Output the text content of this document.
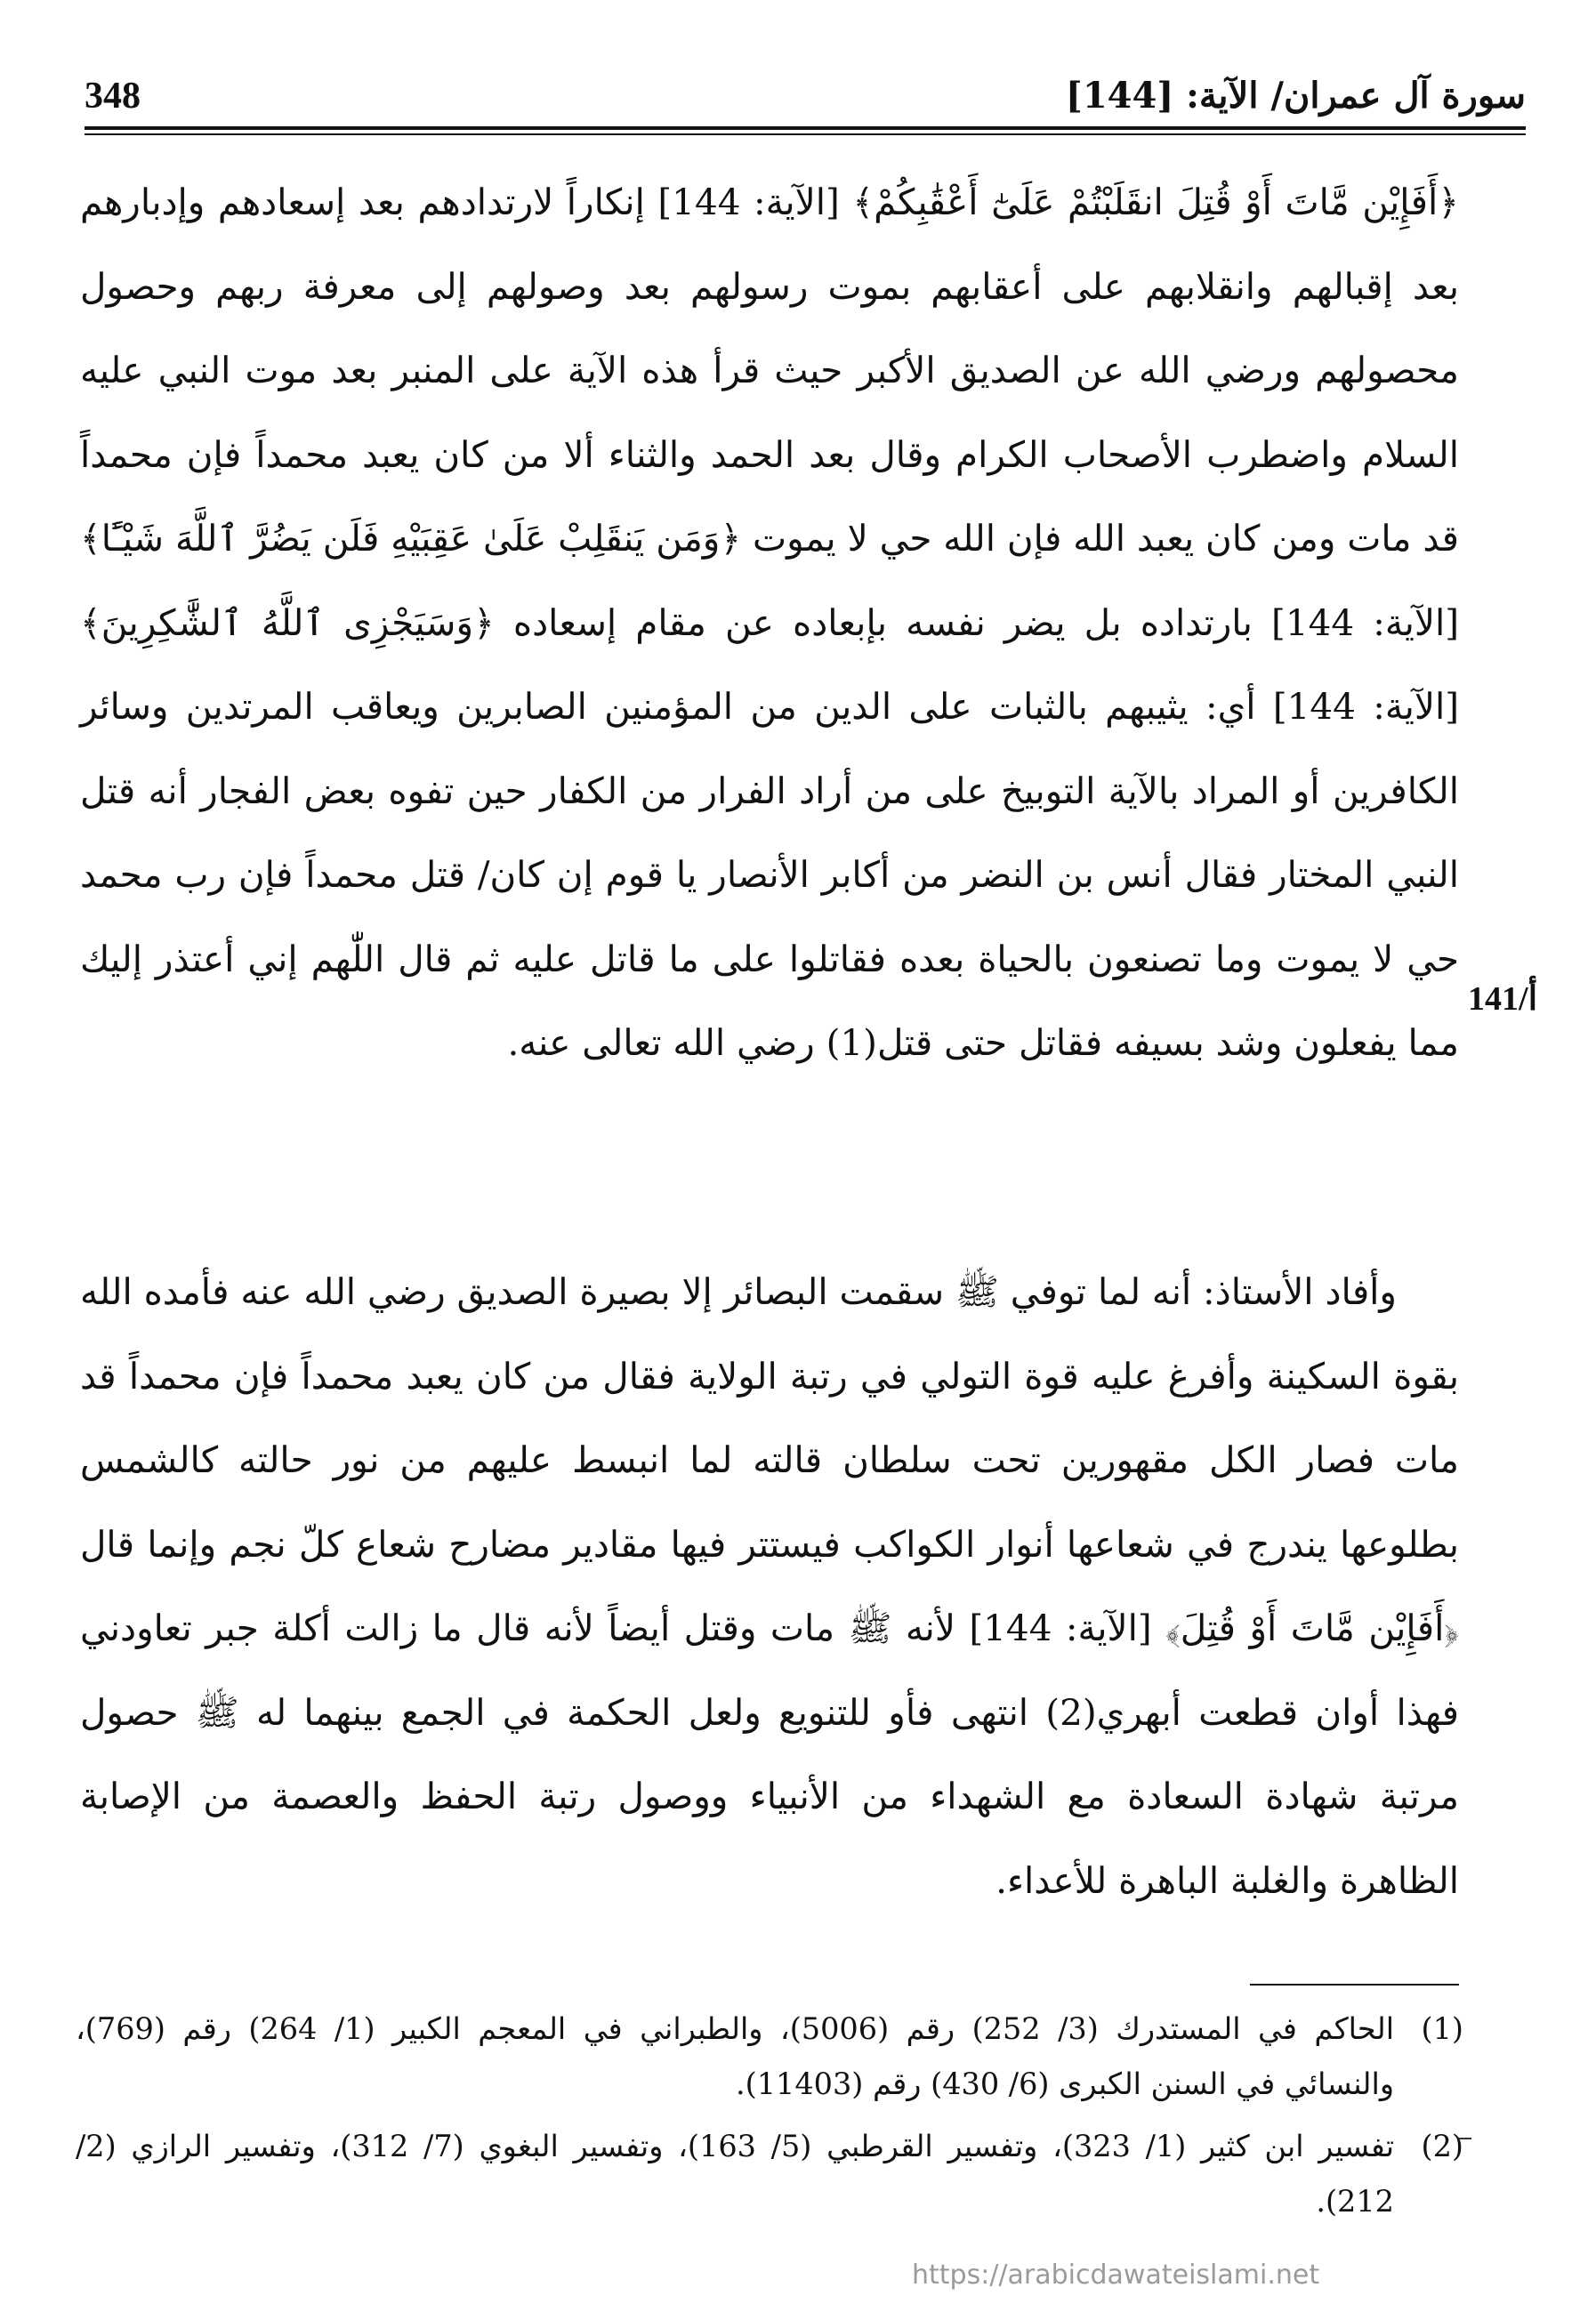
348	سورة آل عمران/ الآية: [144]
141/أ

﴿أَفَإِيْن مَّاتَ أَوْ قُتِلَ انقَلَبْتُمْ عَلَىٰٓ أَعْقَٰبِكُمْ﴾ [الآية: 144] إنكاراً لارتدادهم بعد إسعادهم وإدبارهم بعد إقبالهم وانقلابهم على أعقابهم بموت رسولهم بعد وصولهم إلى معرفة ربهم وحصول محصولهم ورضي الله عن الصديق الأكبر حيث قرأ هذه الآية على المنبر بعد موت النبي عليه السلام واضطرب الأصحاب الكرام وقال بعد الحمد والثناء ألا من كان يعبد محمداً فإن محمداً قد مات ومن كان يعبد الله فإن الله حي لا يموت ﴿وَمَن يَنقَلِبْ عَلَىٰ عَقِبَيْهِ فَلَن يَضُرَّ ٱللَّهَ شَيْـًٔا﴾ [الآية: 144] بارتداده بل يضر نفسه بإبعاده عن مقام إسعاده ﴿وَسَيَجْزِى ٱللَّهُ ٱلشَّٰكِرِينَ﴾ [الآية: 144] أي: يثيبهم بالثبات على الدين من المؤمنين الصابرين ويعاقب المرتدين وسائر الكافرين أو المراد بالآية التوبيخ على من أراد الفرار من الكفار حين تفوه بعض الفجار أنه قتل النبي المختار فقال أنس بن النضر من أكابر الأنصار يا قوم إن كان/ قتل محمداً فإن رب محمد حي لا يموت وما تصنعون بالحياة بعده فقاتلوا على ما قاتل عليه ثم قال اللّٰهم إني أعتذر إليك مما يفعلون وشد بسيفه فقاتل حتى قتل(1) رضي الله تعالى عنه.

وأفاد الأستاذ: أنه لما توفي ﷺ سقمت البصائر إلا بصيرة الصديق رضي الله عنه فأمده الله بقوة السكينة وأفرغ عليه قوة التولي في رتبة الولاية فقال من كان يعبد محمداً فإن محمداً قد مات فصار الكل مقهورين تحت سلطان قالته لما انبسط عليهم من نور حالته كالشمس بطلوعها يندرج في شعاعها أنوار الكواكب فيستتر فيها مقادير مضارح شعاع كلّ نجم وإنما قال ﴿أَفَإِيْن مَّاتَ أَوْ قُتِلَ﴾ [الآية: 144] لأنه ﷺ مات وقتل أيضاً لأنه قال ما زالت أكلة جبر تعاودني فهذا أوان قطعت أبهري(2) انتهى فأو للتنويع ولعل الحكمة في الجمع بينهما له ﷺ حصول مرتبة شهادة السعادة مع الشهداء من الأنبياء ووصول رتبة الحفظ والعصمة من الإصابة الظاهرة والغلبة الباهرة للأعداء.

(1)
الحاكم في المستدرك (3/ 252) رقم (5006)، والطبراني في المعجم الكبير (1/ 264) رقم (769)، والنسائي في السنن الكبرى (6/ 430) رقم (11403).
(2)
تفسير ابن كثير (1/ 323)، وتفسير القرطبي (5/ 163)، وتفسير البغوي (7/ 312)، وتفسير الرازي (2/ 212).
https://arabicdawateislami.net
